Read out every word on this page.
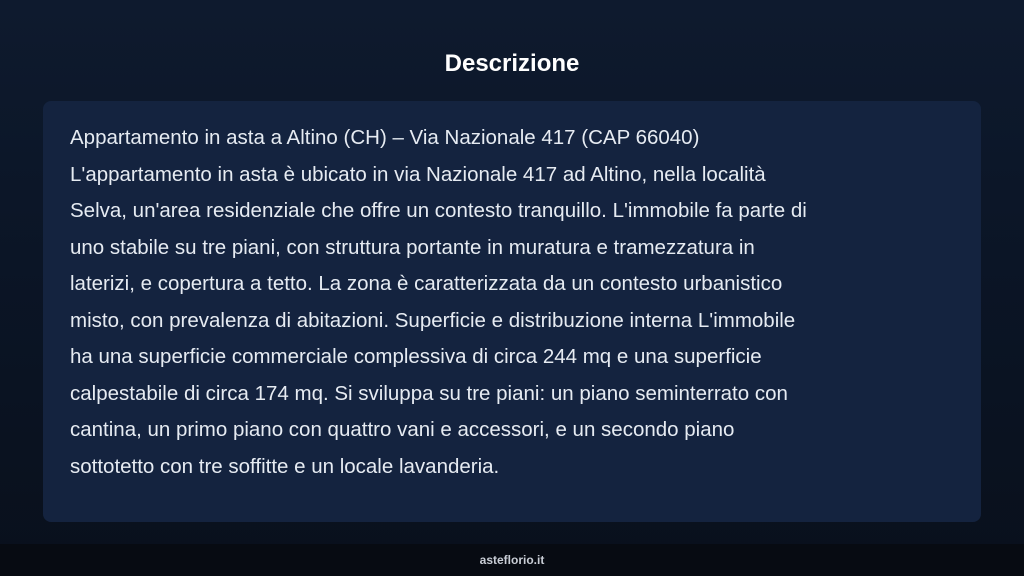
Descrizione

Appartamento in asta a Altino (CH) – Via Nazionale 417 (CAP 66040)
L'appartamento in asta è ubicato in via Nazionale 417 ad Altino, nella località
Selva, un'area residenziale che offre un contesto tranquillo. L'immobile fa parte di
uno stabile su tre piani, con struttura portante in muratura e tramezzatura in
laterizi, e copertura a tetto. La zona è caratterizzata da un contesto urbanistico
misto, con prevalenza di abitazioni. Superficie e distribuzione interna L'immobile
ha una superficie commerciale complessiva di circa 244 mq e una superficie
calpestabile di circa 174 mq. Si sviluppa su tre piani: un piano seminterrato con
cantina, un primo piano con quattro vani e accessori, e un secondo piano
sottotetto con tre soffitte e un locale lavanderia.

asteflorio.it
